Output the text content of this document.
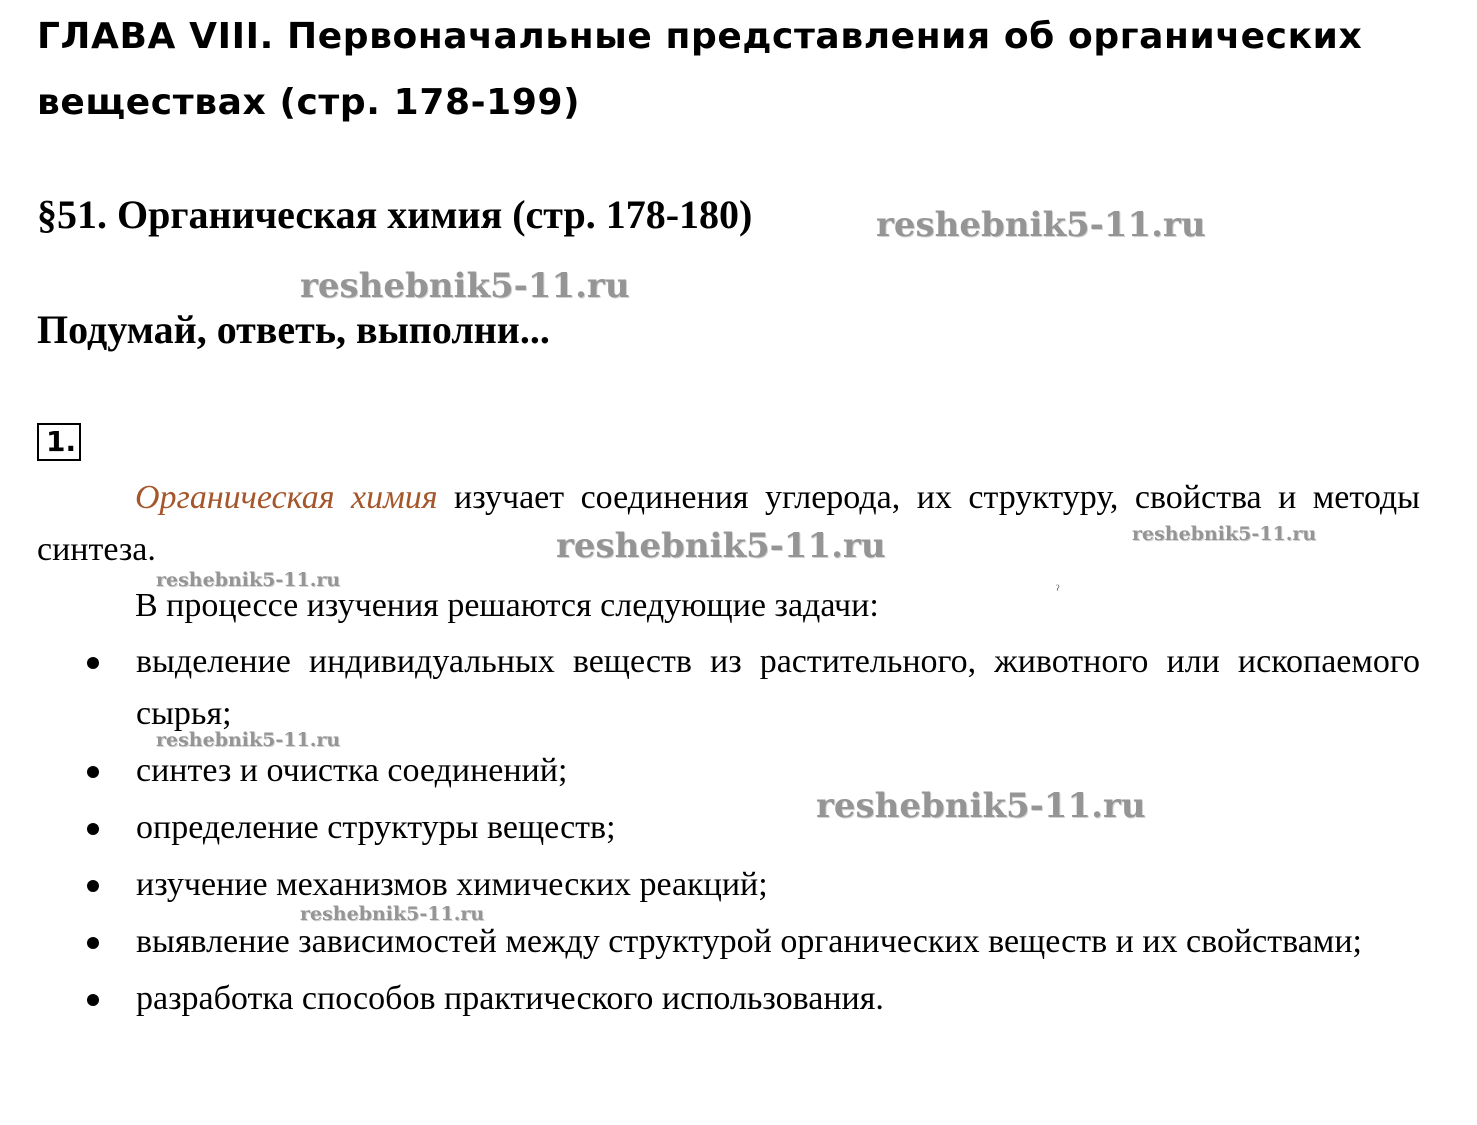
ГЛАВА VIII. Первоначальные представления об органических веществах (стр. 178-199)
§51. Органическая химия (стр. 178-180)
Подумай, ответь, выполни...
1.

Органическая химия изучает соединения углерода, их структуру, свойства и методы синтеза.

В процессе изучения решаются следующие задачи:

выделение индивидуальных веществ из растительного, животного или ископаемого сырья;
синтез и очистка соединений;
определение структуры веществ;
изучение механизмов химических реакций;
выявление зависимостей между структурой органических веществ и их свойствами;
разработка способов практического использования.
ˀ
reshebnik5-11.ru
reshebnik5-11.ru
reshebnik5-11.ru	reshebnik5-11.ru
reshebnik5-11.ru
reshebnik5-11.ru
reshebnik5-11.ru
reshebnik5-11.ru
